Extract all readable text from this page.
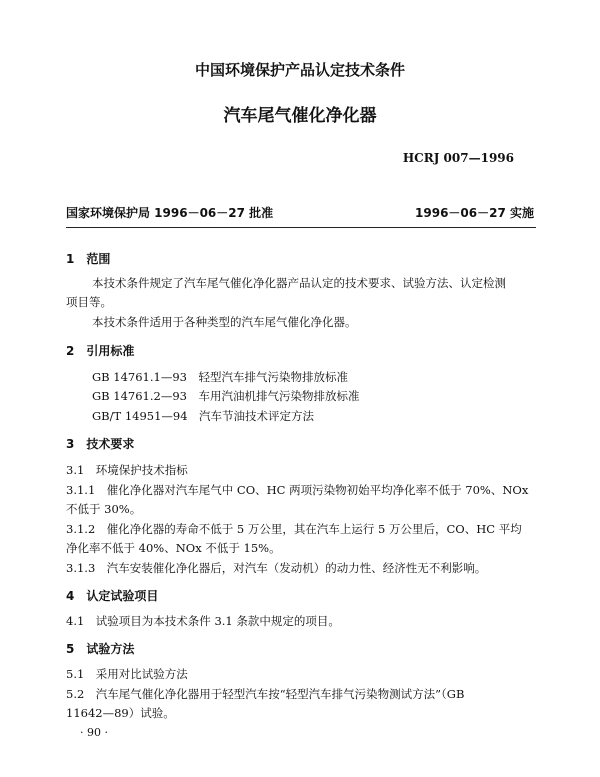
中国环境保护产品认定技术条件
汽车尾气催化净化器
HCRJ 007—1996
国家环境保护局 1996－06－27 批准	1996－06－27 实施
1　范围
本技术条件规定了汽车尾气催化净化器产品认定的技术要求、试验方法、认定检测
项目等。
本技术条件适用于各种类型的汽车尾气催化净化器。
2　引用标准
GB 14761.1—93　轻型汽车排气污染物排放标准
GB 14761.2—93　车用汽油机排气污染物排放标准
GB/T 14951—94　汽车节油技术评定方法
3　技术要求
3.1　环境保护技术指标
3.1.1　催化净化器对汽车尾气中 CO、HC 两项污染物初始平均净化率不低于 70%、NOx
不低于 30%。
3.1.2　催化净化器的寿命不低于 5 万公里，其在汽车上运行 5 万公里后，CO、HC 平均
净化率不低于 40%、NOx 不低于 15%。
3.1.3　汽车安装催化净化器后，对汽车（发动机）的动力性、经济性无不利影响。
4　认定试验项目
4.1　试验项目为本技术条件 3.1 条款中规定的项目。
5　试验方法
5.1　采用对比试验方法
5.2　汽车尾气催化净化器用于轻型汽车按“轻型汽车排气污染物测试方法”（GB
11642—89）试验。
· 90 ·
